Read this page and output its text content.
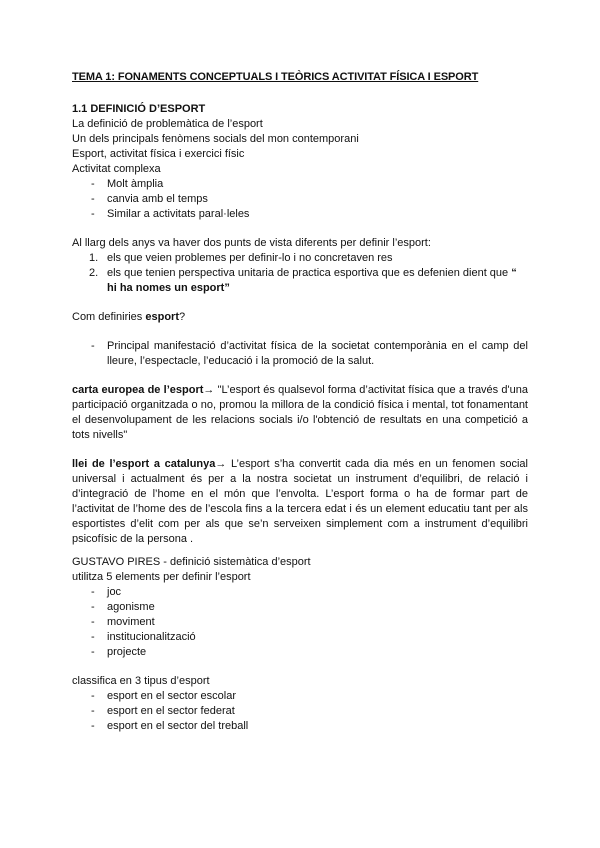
TEMA 1: FONAMENTS CONCEPTUALS I TEÒRICS ACTIVITAT FÍSICA I ESPORT

1.1 DEFINICIÓ D’ESPORT

La definició de problemàtica de l’esport

Un dels principals fenòmens socials del mon contemporani

Esport, activitat física i exercici físic

Activitat complexa

- Molt àmplia
- canvia amb el temps
- Similar a activitats paral·leles

Al llarg dels anys va haver dos punts de vista diferents per definir l’esport:

1. els que veien problemes per definir-lo i no concretaven res
2. els que tenien perspectiva unitaria de practica esportiva que es defenien dient que “ hi ha nomes un esport”

Com definiries esport?

- Principal manifestació d’activitat física de la societat contemporània en el camp del lleure, l’espectacle, l’educació i la promoció de la salut.

carta europea de l’esport→ "L’esport és qualsevol forma d’activitat física que a través d'una participació organitzada o no, promou la millora de la condició física i mental, tot fonamentant el desenvolupament de les relacions socials i/o l'obtenció de resultats en una competició a tots nivells"

llei de l’esport a catalunya→ L’esport s’ha convertit cada dia més en un fenomen social universal i actualment és per a la nostra societat un instrument d’equilibri, de relació i d’integració de l’home en el món que l’envolta. L’esport forma o ha de formar part de l’activitat de l’home des de l’escola fins a la tercera edat i és un element educatiu tant per als esportistes d’elit com per als que se’n serveixen simplement com a instrument d’equilibri psicofísic de la persona .

GUSTAVO PIRES - definició sistemàtica d’esport

utilitza 5 elements per definir l’esport

- joc
- agonisme
- moviment
- institucionalització
- projecte

classifica en 3 tipus d’esport

- esport en el sector escolar
- esport en el sector federat
- esport en el sector del treball
